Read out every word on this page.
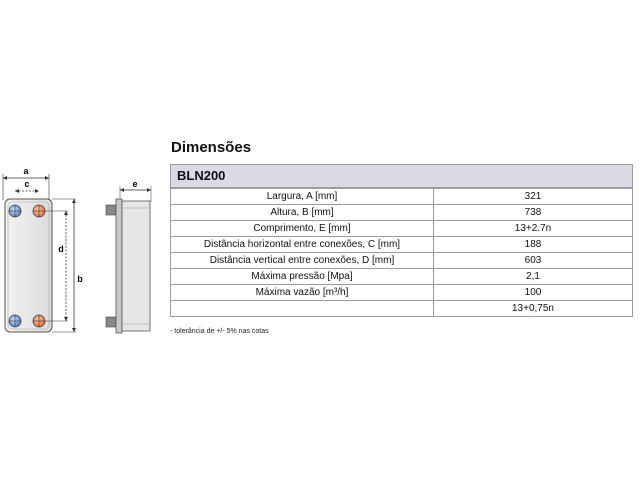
a
c
d
b
e
Dimensões
BLN200
Largura, A [mm]	321
Altura, B [mm]	738
Comprimento, E [mm]	13+2.7n
Distância horizontal entre conexões, C [mm]	188
Distância vertical entre conexões, D [mm]	603
Máxima pressão [Mpa]	2,1
Máxima vazão [m³/h]	100
	13+0,75n
- tolerância de +/- 5% nas cotas
